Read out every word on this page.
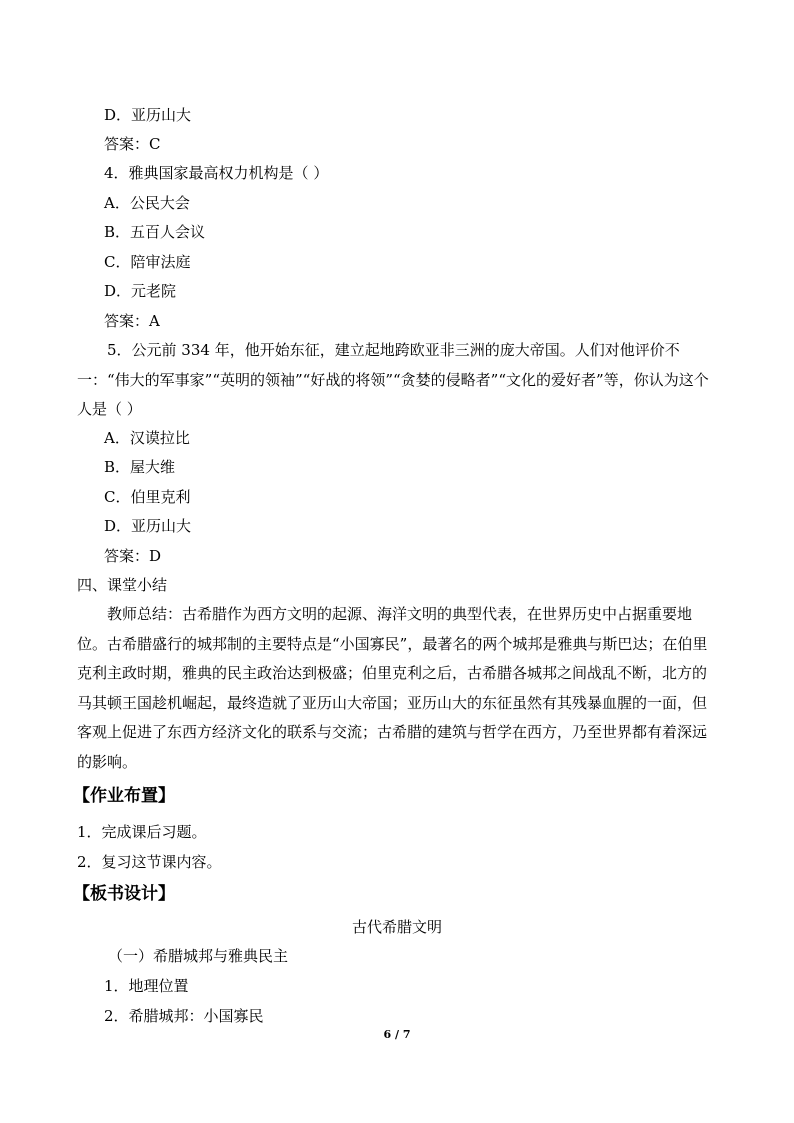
D．亚历山大
答案：C
4．雅典国家最高权力机构是（ ）
A．公民大会
B．五百人会议
C．陪审法庭
D．元老院
答案：A
5．公元前 334 年，他开始东征，建立起地跨欧亚非三洲的庞大帝国。人们对他评价不一：“伟大的军事家”“英明的领袖”“好战的将领”“贪婪的侵略者”“文化的爱好者”等，你认为这个人是（ ）
A．汉谟拉比
B．屋大维
C．伯里克利
D．亚历山大
答案：D
四、课堂小结
教师总结：古希腊作为西方文明的起源、海洋文明的典型代表，在世界历史中占据重要地位。古希腊盛行的城邦制的主要特点是“小国寡民”，最著名的两个城邦是雅典与斯巴达；在伯里克利主政时期，雅典的民主政治达到极盛；伯里克利之后，古希腊各城邦之间战乱不断，北方的马其顿王国趁机崛起，最终造就了亚历山大帝国；亚历山大的东征虽然有其残暴血腥的一面，但客观上促进了东西方经济文化的联系与交流；古希腊的建筑与哲学在西方，乃至世界都有着深远的影响。
【作业布置】
1．完成课后习题。
2．复习这节课内容。
【板书设计】
古代希腊文明
（一）希腊城邦与雅典民主
1．地理位置
2．希腊城邦：小国寡民
6 / 7
